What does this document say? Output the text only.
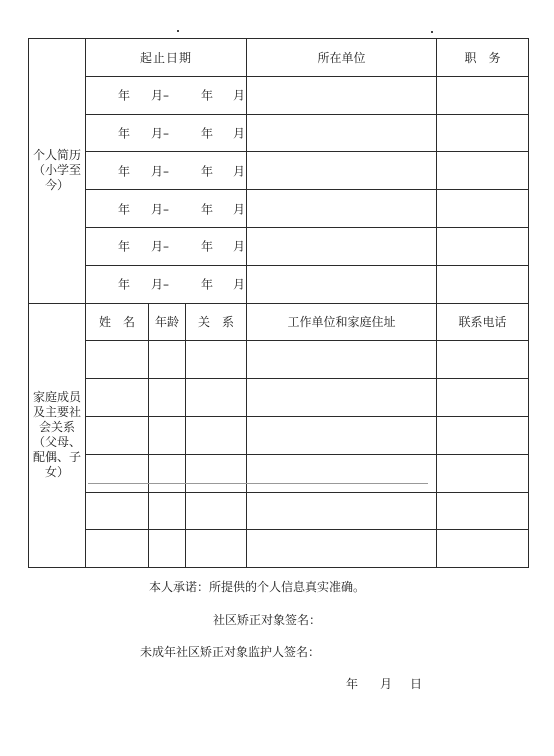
个人简历（小学至今）	起止日期			所在单位	职　务

	年 月– 年 月				

	年 月– 年 月				

	年 月– 年 月				

	年 月– 年 月				

	年 月– 年 月				

	年 月– 年 月				

家庭成员及主要社会关系（父母、配偶、子女）	姓　名	年龄	关　系	工作单位和家庭住址	联系电话

本人承诺：所提供的个人信息真实准确。
社区矫正对象签名：
未成年社区矫正对象监护人签名：
年 月 日
